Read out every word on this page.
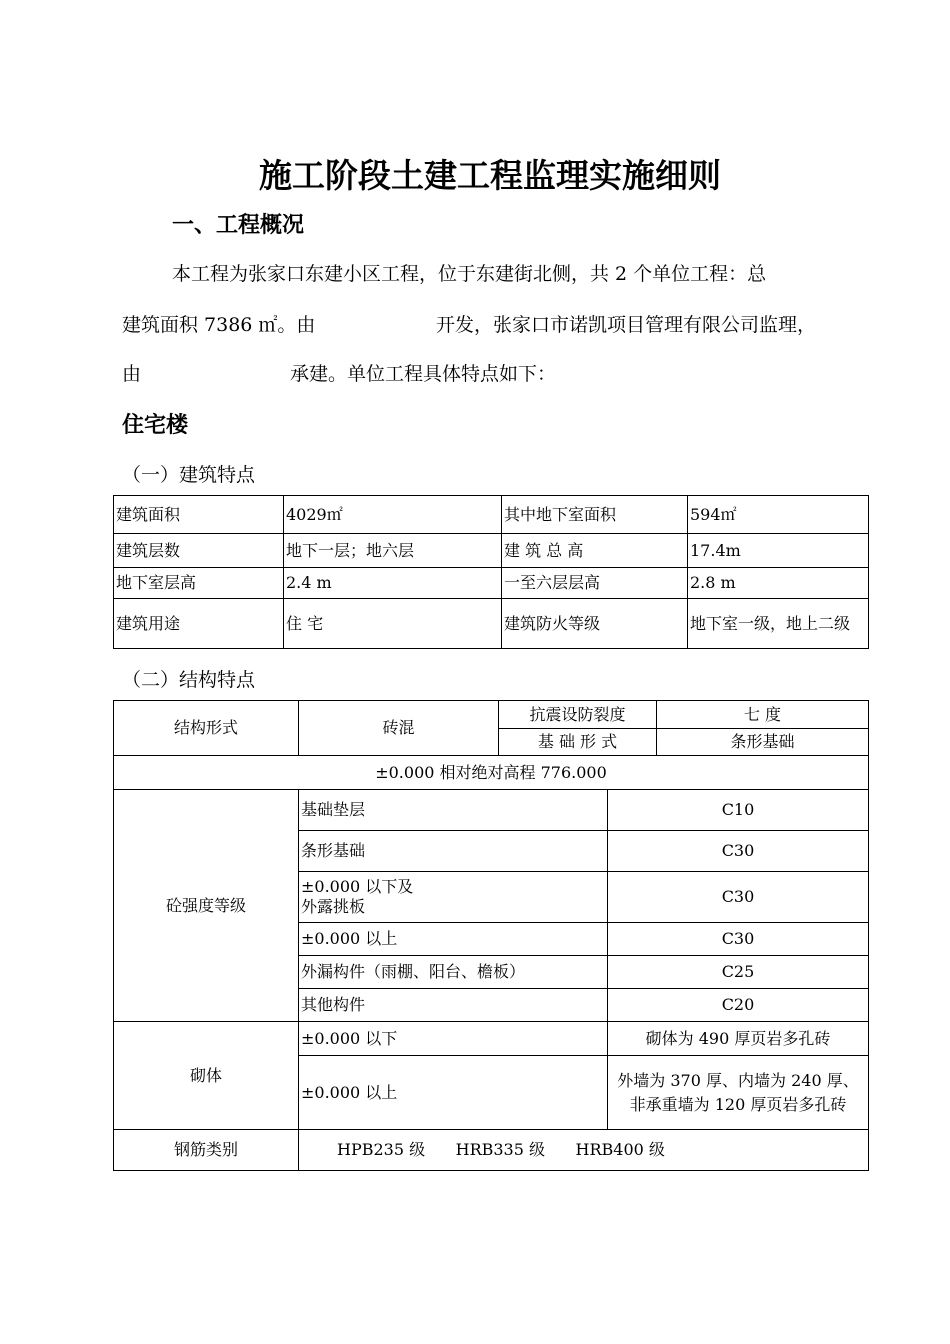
施工阶段土建工程监理实施细则
一、工程概况
本工程为张家口东建小区工程，位于东建街北侧，共 2 个单位工程：总
建筑面积 7386 ㎡。由	开发，张家口市诺凯项目管理有限公司监理，
由	承建。单位工程具体特点如下：
住宅楼
（一）建筑特点
建筑面积	4029㎡	其中地下室面积	594㎡
建筑层数	地下一层；地六层	建 筑 总 高	17.4m
地下室层高	2.4 m	一至六层层高	2.8 m
建筑用途	住 宅	建筑防火等级	地下室一级，地上二级
（二）结构特点
结构形式	砖混	抗震设防裂度	七 度
		基 础 形 式	条形基础
±0.000 相对绝对高程 776.000			
砼强度等级	基础垫层	C10
	条形基础	C30
	±0.000 以下及
外露挑板	C30
	±0.000 以上	C30
	外漏构件（雨棚、阳台、檐板）	C25
	其他构件	C20
砌体	±0.000 以下	砌体为 490 厚页岩多孔砖
	±0.000 以上	外墙为 370 厚、内墙为 240 厚、非承重墙为 120 厚页岩多孔砖
钢筋类别	HPB235 级      HRB335 级      HRB400 级	
